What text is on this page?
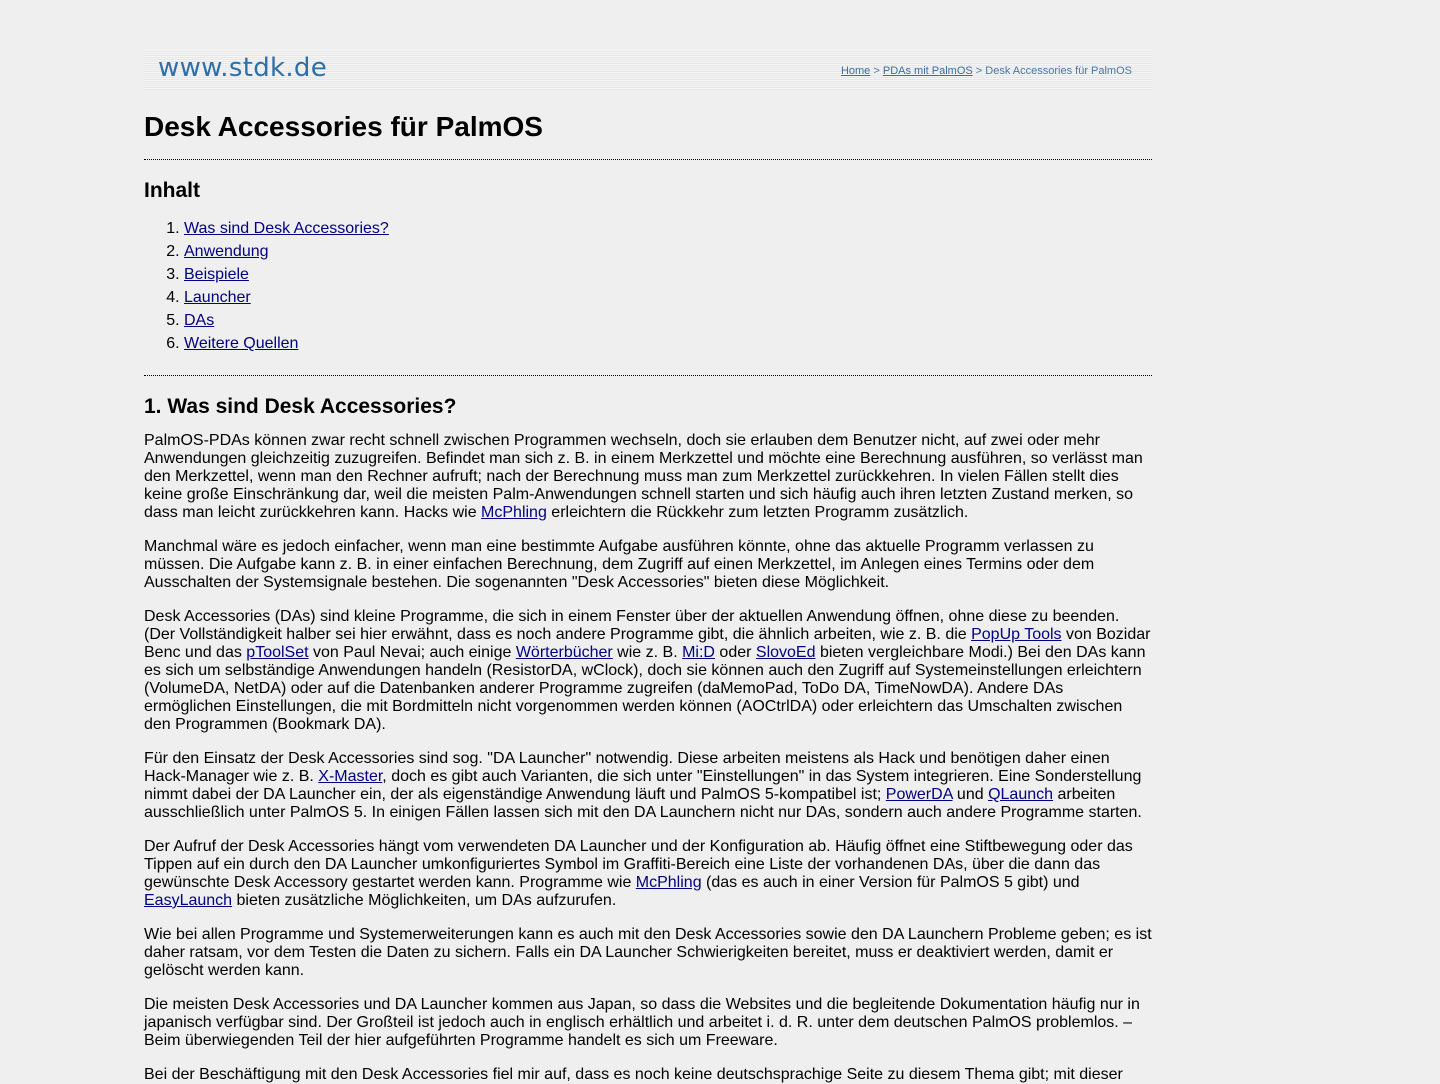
www.stdk.de	Home > PDAs mit PalmOS > Desk Accessories für PalmOS
Desk Accessories für PalmOS
Inhalt
1. Was sind Desk Accessories?
2. Anwendung
3. Beispiele
4. Launcher
5. DAs
6. Weitere Quellen
1. Was sind Desk Accessories?

PalmOS-PDAs können zwar recht schnell zwischen Programmen wechseln, doch sie erlauben dem Benutzer nicht, auf zwei oder mehr Anwendungen gleichzeitig zuzugreifen. Befindet man sich z. B. in einem Merkzettel und möchte eine Berechnung ausführen, so verlässt man den Merkzettel, wenn man den Rechner aufruft; nach der Berechnung muss man zum Merkzettel zurückkehren. In vielen Fällen stellt dies keine große Einschränkung dar, weil die meisten Palm-Anwendungen schnell starten und sich häufig auch ihren letzten Zustand merken, so dass man leicht zurückkehren kann. Hacks wie McPhling erleichtern die Rückkehr zum letzten Programm zusätzlich.

Manchmal wäre es jedoch einfacher, wenn man eine bestimmte Aufgabe ausführen könnte, ohne das aktuelle Programm verlassen zu müssen. Die Aufgabe kann z. B. in einer einfachen Berechnung, dem Zugriff auf einen Merkzettel, im Anlegen eines Termins oder dem Ausschalten der Systemsignale bestehen. Die sogenannten "Desk Accessories" bieten diese Möglichkeit.

Desk Accessories (DAs) sind kleine Programme, die sich in einem Fenster über der aktuellen Anwendung öffnen, ohne diese zu beenden. (Der Vollständigkeit halber sei hier erwähnt, dass es noch andere Programme gibt, die ähnlich arbeiten, wie z. B. die PopUp Tools von Bozidar Benc und das pToolSet von Paul Nevai; auch einige Wörterbücher wie z. B. Mi:D oder SlovoEd bieten vergleichbare Modi.) Bei den DAs kann es sich um selbständige Anwendungen handeln (ResistorDA, wClock), doch sie können auch den Zugriff auf Systemeinstellungen erleichtern (VolumeDA, NetDA) oder auf die Datenbanken anderer Programme zugreifen (daMemoPad, ToDo DA, TimeNowDA). Andere DAs ermöglichen Einstellungen, die mit Bordmitteln nicht vorgenommen werden können (AOCtrlDA) oder erleichtern das Umschalten zwischen den Programmen (Bookmark DA).

Für den Einsatz der Desk Accessories sind sog. "DA Launcher" notwendig. Diese arbeiten meistens als Hack und benötigen daher einen Hack-Manager wie z. B. X-Master, doch es gibt auch Varianten, die sich unter "Einstellungen" in das System integrieren. Eine Sonderstellung nimmt dabei der DA Launcher ein, der als eigenständige Anwendung läuft und PalmOS 5-kompatibel ist; PowerDA und QLaunch arbeiten ausschließlich unter PalmOS 5. In einigen Fällen lassen sich mit den DA Launchern nicht nur DAs, sondern auch andere Programme starten.

Der Aufruf der Desk Accessories hängt vom verwendeten DA Launcher und der Konfiguration ab. Häufig öffnet eine Stiftbewegung oder das Tippen auf ein durch den DA Launcher umkonfiguriertes Symbol im Graffiti-Bereich eine Liste der vorhandenen DAs, über die dann das gewünschte Desk Accessory gestartet werden kann. Programme wie McPhling (das es auch in einer Version für PalmOS 5 gibt) und EasyLaunch bieten zusätzliche Möglichkeiten, um DAs aufzurufen.

Wie bei allen Programme und Systemerweiterungen kann es auch mit den Desk Accessories sowie den DA Launchern Probleme geben; es ist daher ratsam, vor dem Testen die Daten zu sichern. Falls ein DA Launcher Schwierigkeiten bereitet, muss er deaktiviert werden, damit er gelöscht werden kann.

Die meisten Desk Accessories und DA Launcher kommen aus Japan, so dass die Websites und die begleitende Dokumentation häufig nur in japanisch verfügbar sind. Der Großteil ist jedoch auch in englisch erhältlich und arbeitet i. d. R. unter dem deutschen PalmOS problemlos. – Beim überwiegenden Teil der hier aufgeführten Programme handelt es sich um Freeware.

Bei der Beschäftigung mit den Desk Accessories fiel mir auf, dass es noch keine deutschsprachige Seite zu diesem Thema gibt; mit dieser
